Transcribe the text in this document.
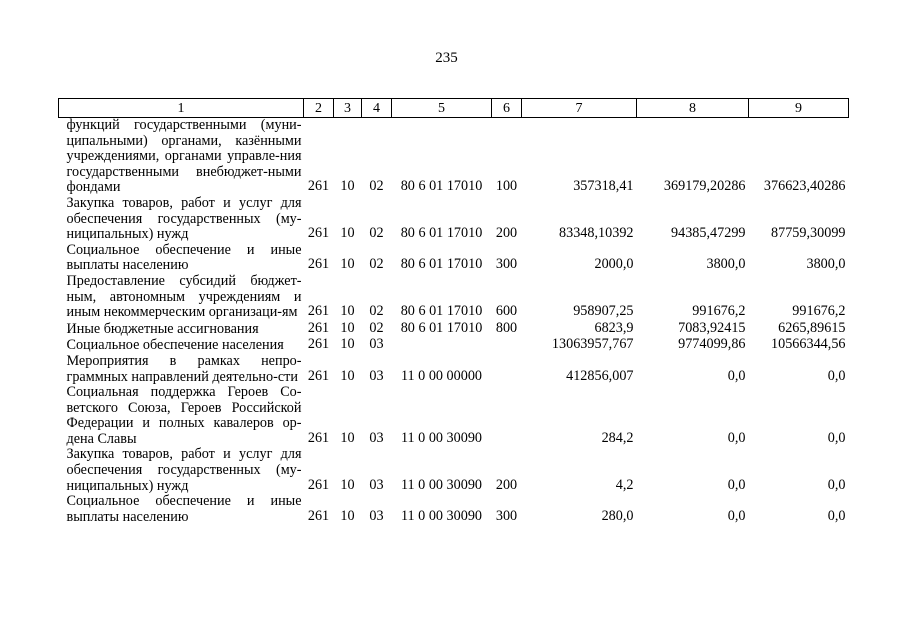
235
1	2	3	4	5	6	7	8	9
функций государственными (муни-ципальными) органами, казёнными учреждениями, органами управле-ния государственными внебюджет-ными фондами	261	10	02	80 6 01 17010	100	357318,41	369179,20286	376623,40286
Закупка товаров, работ и услуг для обеспечения государственных (му-ниципальных) нужд	261	10	02	80 6 01 17010	200	83348,10392	94385,47299	87759,30099
Социальное обеспечение и иные выплаты населению	261	10	02	80 6 01 17010	300	2000,0	3800,0	3800,0
Предоставление субсидий бюджет-ным, автономным учреждениям и иным некоммерческим организаци-ям	261	10	02	80 6 01 17010	600	958907,25	991676,2	991676,2
Иные бюджетные ассигнования	261	10	02	80 6 01 17010	800	6823,9	7083,92415	6265,89615
Социальное обеспечение населения	261	10	03			13063957,767	9774099,86	10566344,56
Мероприятия в рамках непро-граммных направлений деятельно-сти	261	10	03	11 0 00 00000		412856,007	0,0	0,0
Социальная поддержка Героев Со-ветского Союза, Героев Российской Федерации и полных кавалеров ор-дена Славы	261	10	03	11 0 00 30090		284,2	0,0	0,0
Закупка товаров, работ и услуг для обеспечения государственных (му-ниципальных) нужд	261	10	03	11 0 00 30090	200	4,2	0,0	0,0
Социальное обеспечение и иные выплаты населению	261	10	03	11 0 00 30090	300	280,0	0,0	0,0
